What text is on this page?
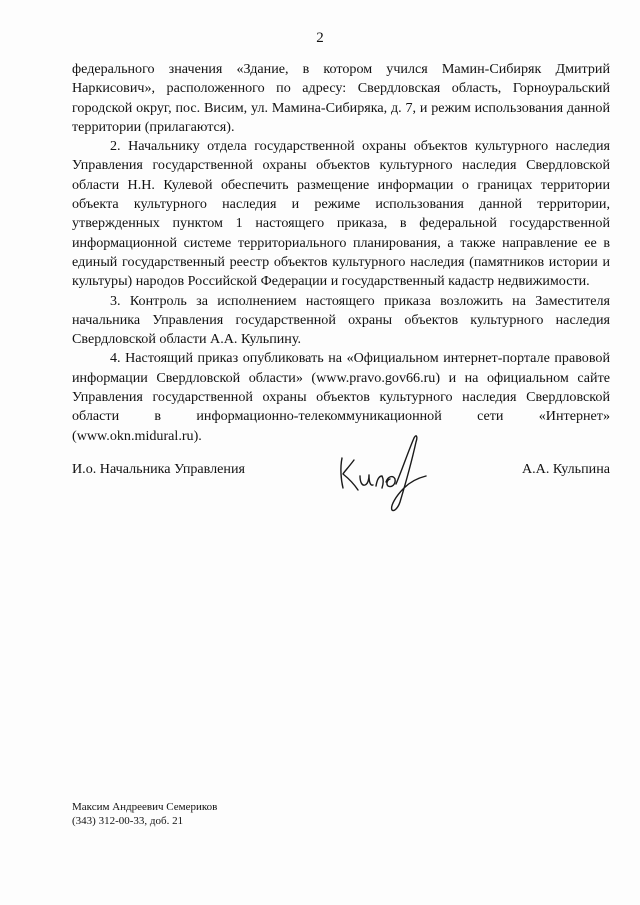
2

федерального значения «Здание, в котором учился Мамин-Сибиряк Дмитрий Наркисович», расположенного по адресу: Свердловская область, Горноуральский городской округ, пос. Висим, ул. Мамина-Сибиряка, д. 7, и режим использования данной территории (прилагаются).

2. Начальнику отдела государственной охраны объектов культурного наследия Управления государственной охраны объектов культурного наследия Свердловской области Н.Н. Кулевой обеспечить размещение информации о границах территории объекта культурного наследия и режиме использования данной территории, утвержденных пунктом 1 настоящего приказа, в федеральной государственной информационной системе территориального планирования, а также направление ее в единый государственный реестр объектов культурного наследия (памятников истории и культуры) народов Российской Федерации и государственный кадастр недвижимости.

3. Контроль за исполнением настоящего приказа возложить на Заместителя начальника Управления государственной охраны объектов культурного наследия Свердловской области А.А. Кульпину.

4. Настоящий приказ опубликовать на «Официальном интернет-портале правовой информации Свердловской области» (www.pravo.gov66.ru) и на официальном сайте Управления государственной охраны объектов культурного наследия Свердловской области в информационно-телекоммуникационной сети «Интернет» (www.okn.midural.ru).

И.о. Начальника Управления	А.А. Кульпина
Максим Андреевич Семериков
(343) 312-00-33, доб. 21
